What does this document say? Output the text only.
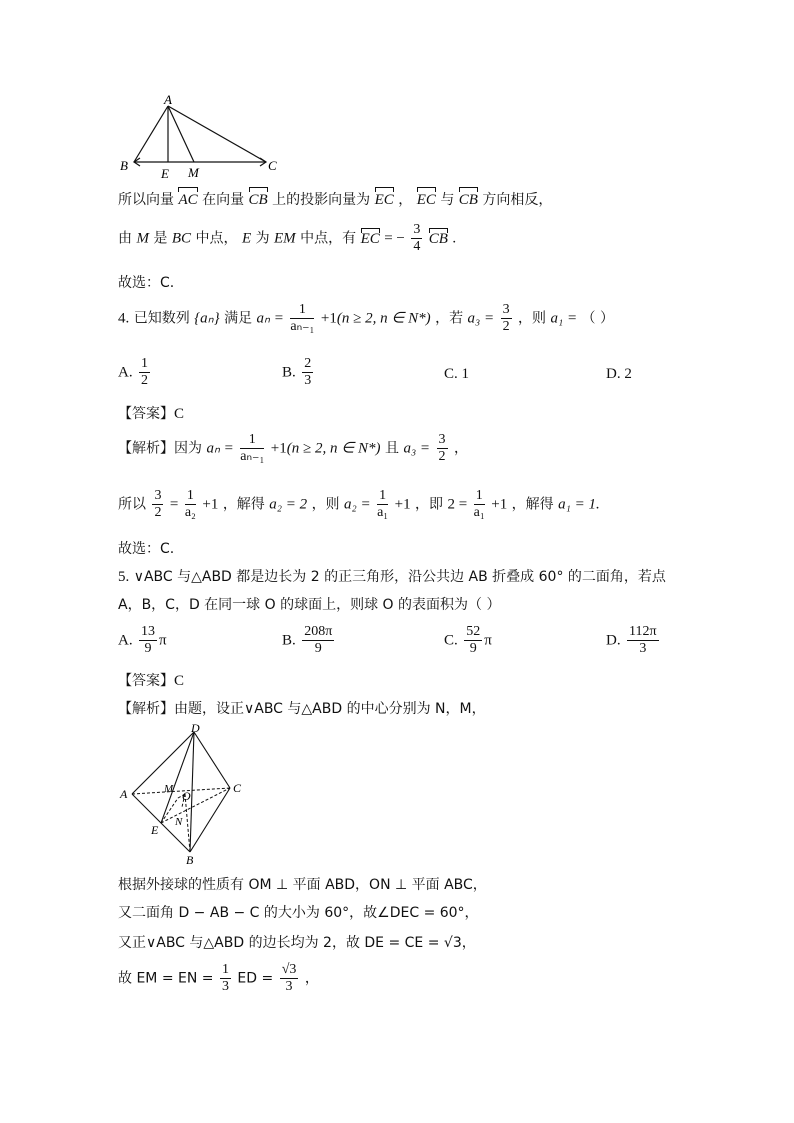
A
B	C
E M
所以向量 AC 在向量 CB 上的投影向量为 EC ， EC 与 CB 方向相反，
由 M 是 BC 中点， E 为 EM 中点，有 EC = − $\frac{3}{4}$ CB .
故选：C.
4. 已知数列 {aₙ} 满足 $a_n = \frac{1}{\text{aₙ₋₁}} +1(n \ge 2$, n ∈ N*) ，若 $a_3 = \frac{3}{2}$ ，则 a₁ = （ ）
A. $\frac{1}{2}$	B. $\frac{2}{3}$	C. 1	D. 2
【答案】C
【解析】因为 $a_n = \frac{1}{\text{aₙ₋₁}} +1(n \ge 2$, n ∈ N*) 且 $a_3 = \frac{3}{2}$ ，
所以 $\frac{3}{2} = \frac{1}{\text{a₂}} +1$ ，解得 a₂ = 2 ，则 $a_2 = \frac{1}{\text{a₁}} +1$ ，即 $2 = \frac{1}{\text{a₁}} +1$ ，解得 a₁ = 1.
故选：C.
5. ∨ABC 与△ABD 都是边长为 2 的正三角形，沿公共边 AB 折叠成 60° 的二面角，若点
A，B，C，D 在同一球 O 的球面上，则球 O 的表面积为（ ）
A. $\frac{13}{9}$ π	B. $\frac{208\pi}{9}$	C. $\frac{52}{9}$ π	D. $\frac{112\pi}{3}$
【答案】C
【解析】由题，设正∨ABC 与△ABD 的中心分别为 N，M，
D
A	C
M O
N
E
B
根据外接球的性质有 OM ⊥ 平面 ABD，ON ⊥ 平面 ABC，
又二面角 D − AB − C 的大小为 60°，故∠DEC = 60°，
又正∨ABC 与△ABD 的边长均为 2，故 DE = CE = √3，
故 EM = EN = $\frac{1}{3}$ ED = $\frac{√3}{3}$ ，
